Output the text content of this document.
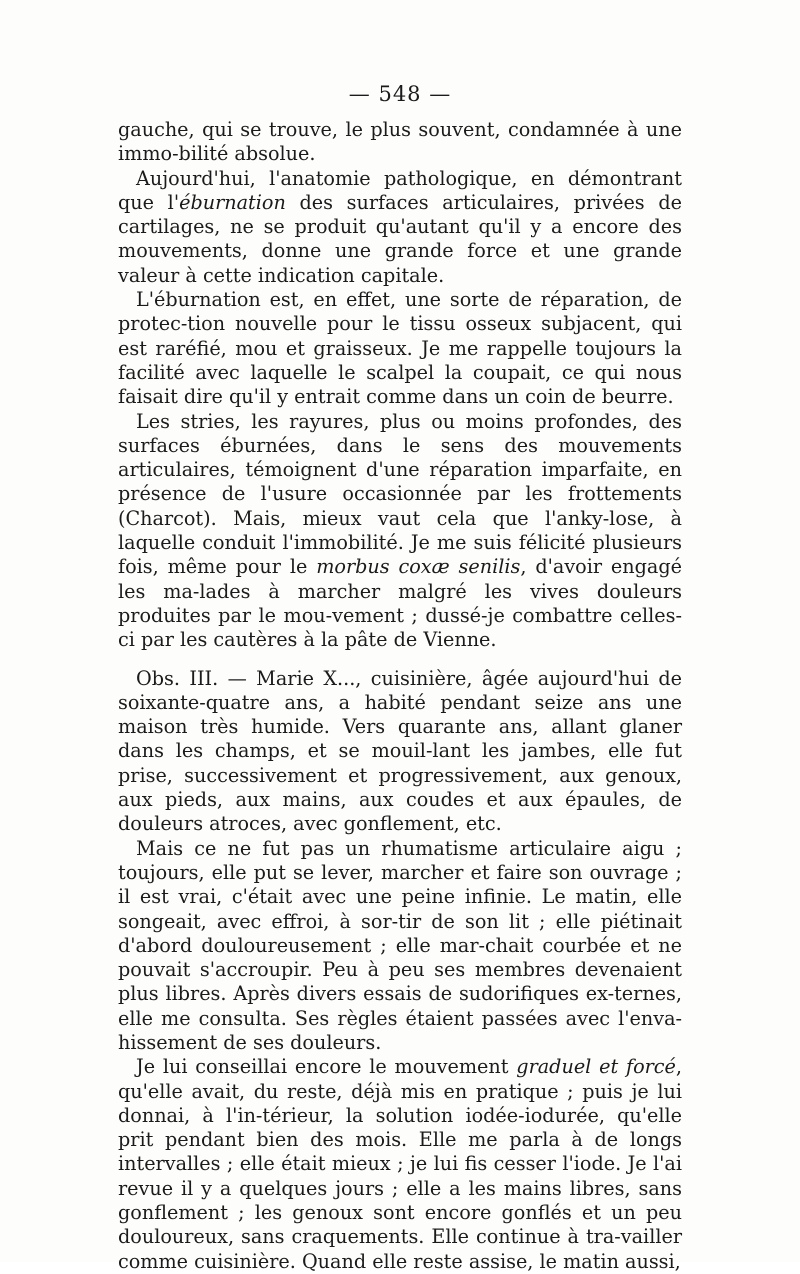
— 548 —

gauche, qui se trouve, le plus souvent, condamnée à une immo-bilité absolue.

Aujourd'hui, l'anatomie pathologique, en démontrant que l'éburnation des surfaces articulaires, privées de cartilages, ne se produit qu'autant qu'il y a encore des mouvements, donne une grande force et une grande valeur à cette indication capitale.

L'éburnation est, en effet, une sorte de réparation, de protec-tion nouvelle pour le tissu osseux subjacent, qui est raréfié, mou et graisseux. Je me rappelle toujours la facilité avec laquelle le scalpel la coupait, ce qui nous faisait dire qu'il y entrait comme dans un coin de beurre.

Les stries, les rayures, plus ou moins profondes, des surfaces éburnées, dans le sens des mouvements articulaires, témoignent d'une réparation imparfaite, en présence de l'usure occasionnée par les frottements (Charcot). Mais, mieux vaut cela que l'anky-lose, à laquelle conduit l'immobilité. Je me suis félicité plusieurs fois, même pour le morbus coxæ senilis, d'avoir engagé les ma-lades à marcher malgré les vives douleurs produites par le mou-vement ; dussé-je combattre celles-ci par les cautères à la pâte de Vienne.

Obs. III. — Marie X..., cuisinière, âgée aujourd'hui de soixante-quatre ans, a habité pendant seize ans une maison très humide. Vers quarante ans, allant glaner dans les champs, et se mouil-lant les jambes, elle fut prise, successivement et progressivement, aux genoux, aux pieds, aux mains, aux coudes et aux épaules, de douleurs atroces, avec gonflement, etc.

Mais ce ne fut pas un rhumatisme articulaire aigu ; toujours, elle put se lever, marcher et faire son ouvrage ; il est vrai, c'était avec une peine infinie. Le matin, elle songeait, avec effroi, à sor-tir de son lit ; elle piétinait d'abord douloureusement ; elle mar-chait courbée et ne pouvait s'accroupir. Peu à peu ses membres devenaient plus libres. Après divers essais de sudorifiques ex-ternes, elle me consulta. Ses règles étaient passées avec l'enva-hissement de ses douleurs.

Je lui conseillai encore le mouvement graduel et forcé, qu'elle avait, du reste, déjà mis en pratique ; puis je lui donnai, à l'in-térieur, la solution iodée-iodurée, qu'elle prit pendant bien des mois. Elle me parla à de longs intervalles ; elle était mieux ; je lui fis cesser l'iode. Je l'ai revue il y a quelques jours ; elle a les mains libres, sans gonflement ; les genoux sont encore gonflés et un peu douloureux, sans craquements. Elle continue à tra-vailler comme cuisinière. Quand elle reste assise, le matin aussi,
